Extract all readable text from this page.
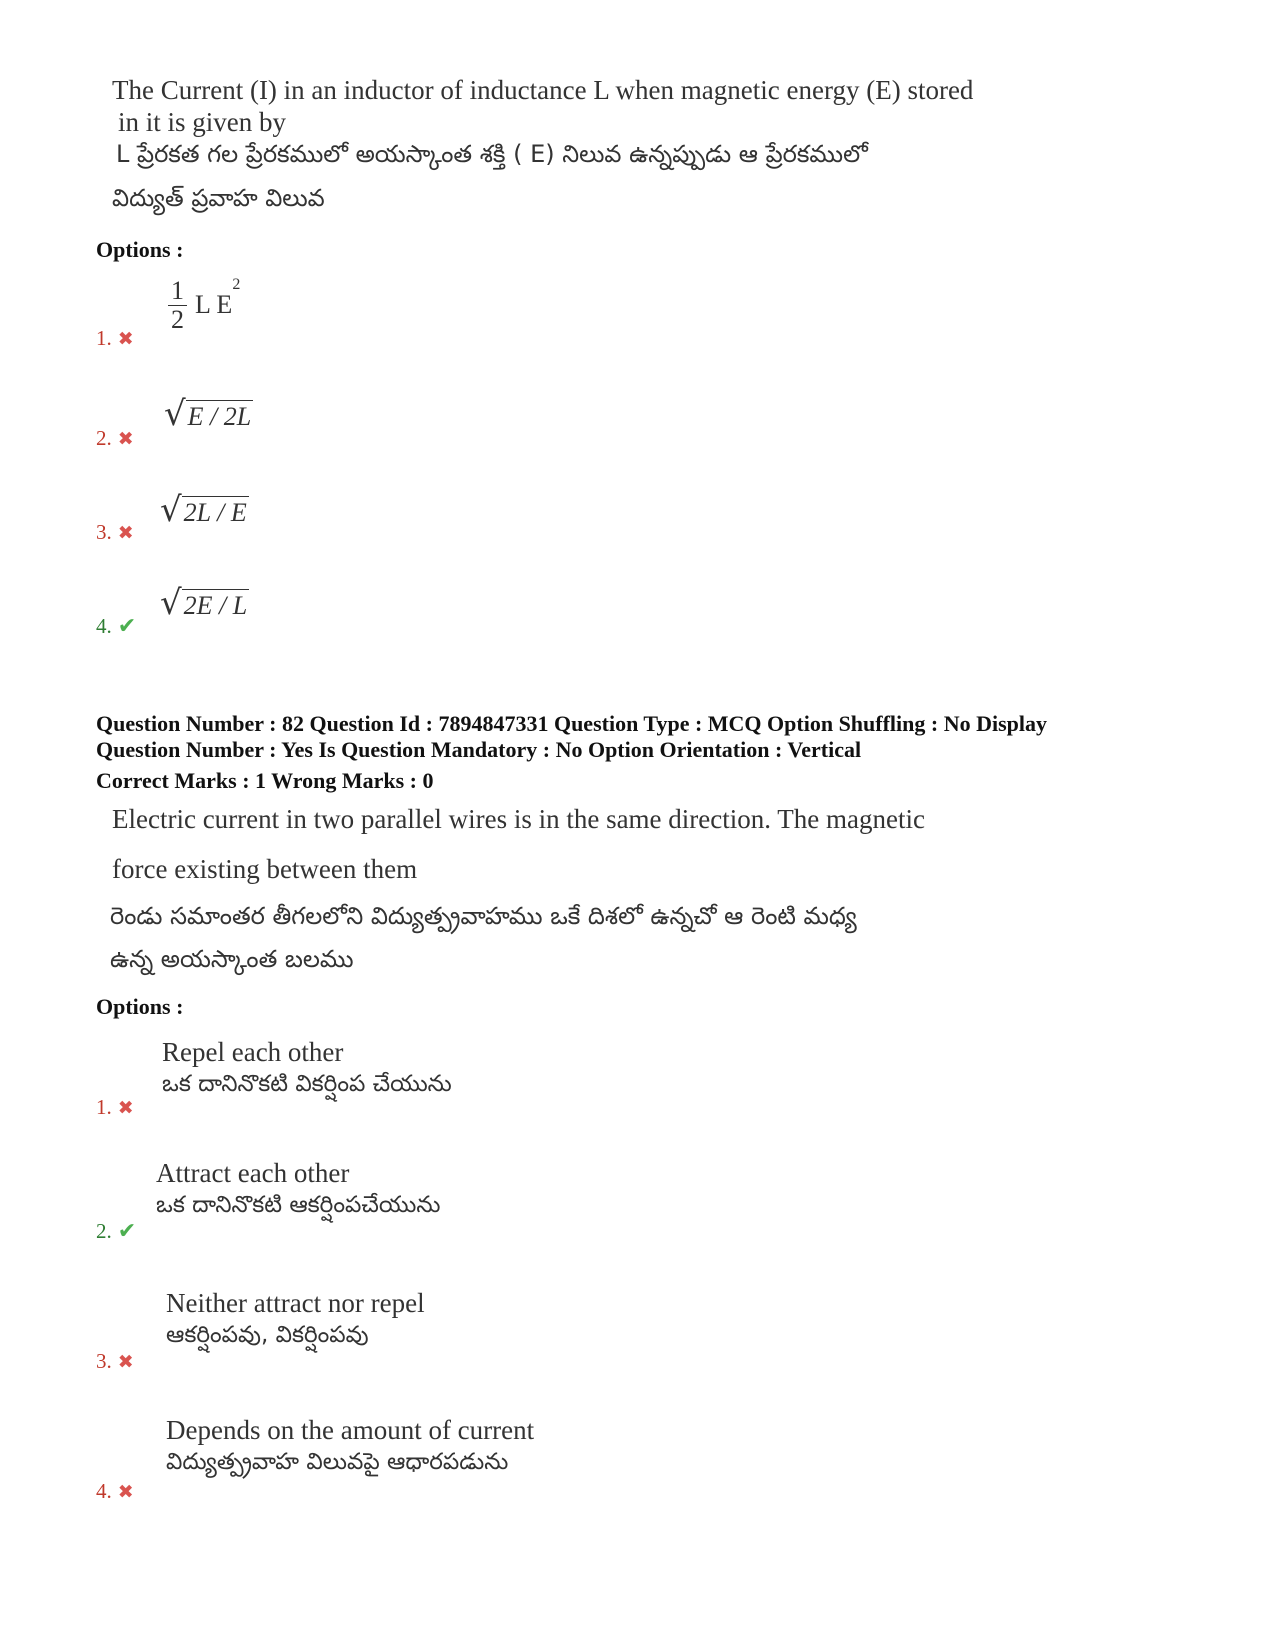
The Current (I) in an inductor of inductance L when magnetic energy (E) stored
in it is given by
L ప్రేరకత గల ప్రేరకములో అయస్కాంత శక్తి ( E) నిలువ ఉన్నప్పుడు ఆ ప్రేరకములో
విద్యుత్ ప్రవాహ విలువ
Options :
1. ✖
$\frac{1}{2}$ L $E^2$
2. ✖
√ E / 2L
3. ✖
√ 2L / E
4. ✔
√ 2E / L
Question Number : 82 Question Id : 7894847331 Question Type : MCQ Option Shuffling : No Display
Question Number : Yes Is Question Mandatory : No Option Orientation : Vertical
Correct Marks : 1 Wrong Marks : 0
Electric current in two parallel wires is in the same direction. The magnetic
force existing between them
రెండు సమాంతర తీగలలోని విద్యుత్ప్రవాహము ఒకే దిశలో ఉన్నచో ఆ రెంటి మధ్య
ఉన్న అయస్కాంత బలము
Options :
Repel each other
ఒక దానినొకటి వికర్షింప చేయును
1. ✖
Attract each other
ఒక దానినొకటి ఆకర్షింపచేయును
2. ✔
Neither attract nor repel
ఆకర్షింపవు, వికర్షింపవు
3. ✖
Depends on the amount of current
విద్యుత్ప్రవాహ విలువపై ఆధారపడును
4. ✖
